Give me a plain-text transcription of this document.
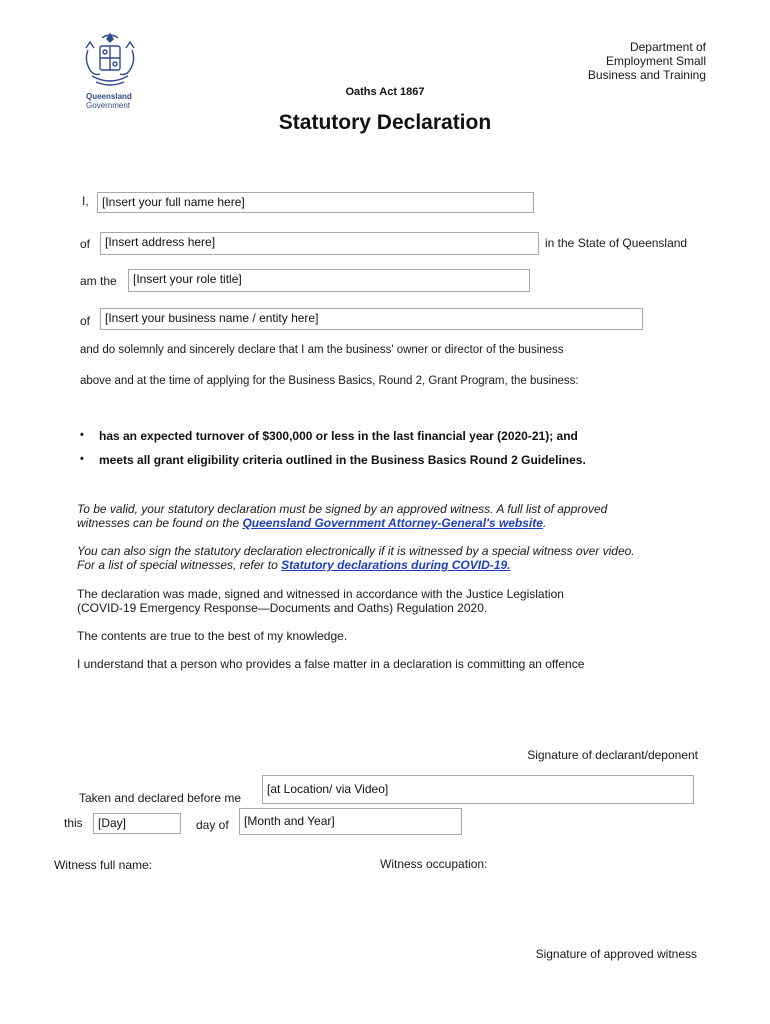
Queensland
Government
Department of
Employment Small
Business and Training
Oaths Act 1867
Statutory Declaration
I,	[Insert your full name here]
of	[Insert address here]	in the State of Queensland
am the	[Insert your role title]
of	[Insert your business name / entity here]
and do solemnly and sincerely declare that I am the business' owner or director of the business
above and at the time of applying for the Business Basics, Round 2, Grant Program, the business:
•	has an expected turnover of $300,000 or less in the last financial year (2020-21); and
•	meets all grant eligibility criteria outlined in the Business Basics Round 2 Guidelines.
To be valid, your statutory declaration must be signed by an approved witness. A full list of approved
witnesses can be found on the Queensland Government Attorney-General's website.
You can also sign the statutory declaration electronically if it is witnessed by a special witness over video.
For a list of special witnesses, refer to Statutory declarations during COVID-19.
The declaration was made, signed and witnessed in accordance with the Justice Legislation
(COVID-19 Emergency Response—Documents and Oaths) Regulation 2020.
The contents are true to the best of my knowledge.
I understand that a person who provides a false matter in a declaration is committing an offence
Signature of declarant/deponent
Taken and declared before me
[at Location/ via Video]
this	[Day]	day of	[Month and Year]
Witness full name:	Witness occupation:
Signature of approved witness
